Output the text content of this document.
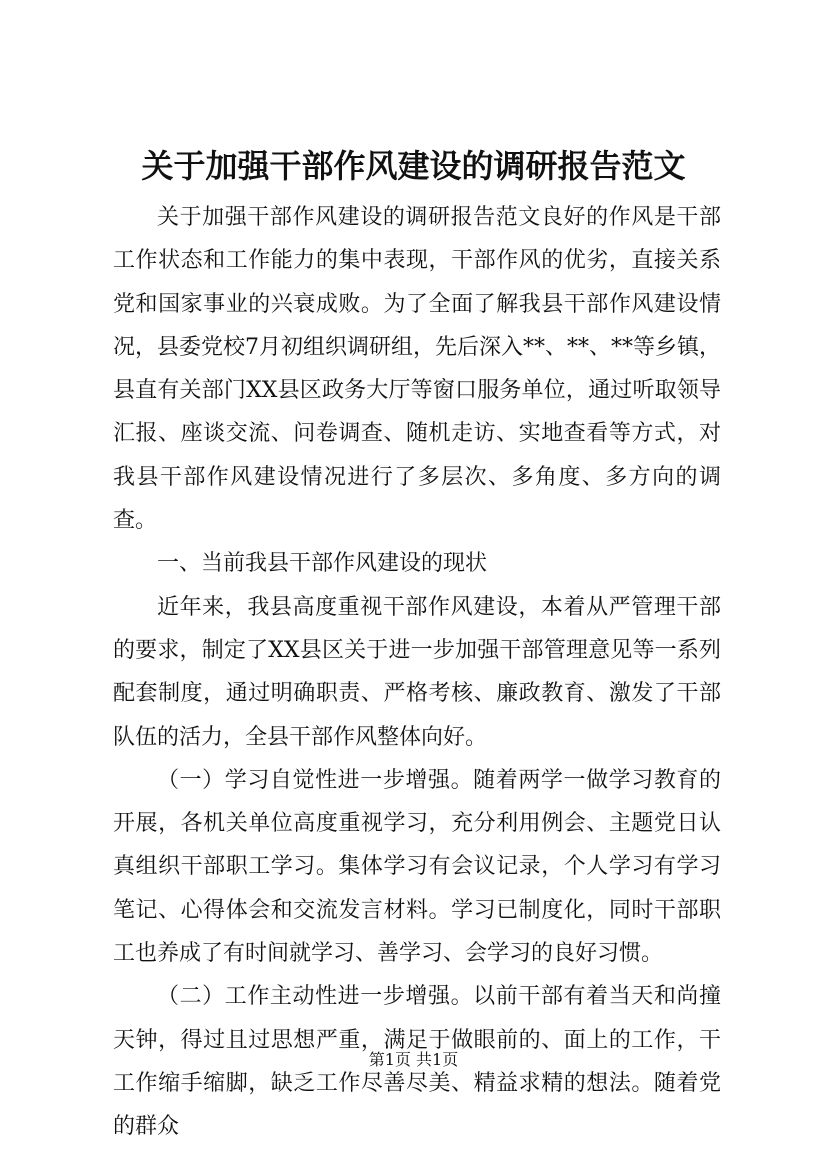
关于加强干部作风建设的调研报告范文

关于加强干部作风建设的调研报告范文良好的作风是干部工作状态和工作能力的集中表现，干部作风的优劣，直接关系党和国家事业的兴衰成败。为了全面了解我县干部作风建设情况，县委党校7月初组织调研组，先后深入**、**、**等乡镇，县直有关部门XX县区政务大厅等窗口服务单位，通过听取领导汇报、座谈交流、问卷调查、随机走访、实地查看等方式，对我县干部作风建设情况进行了多层次、多角度、多方向的调查。

一、当前我县干部作风建设的现状

近年来，我县高度重视干部作风建设，本着从严管理干部的要求，制定了XX县区关于进一步加强干部管理意见等一系列配套制度，通过明确职责、严格考核、廉政教育、激发了干部队伍的活力，全县干部作风整体向好。

（一）学习自觉性进一步增强。随着两学一做学习教育的开展，各机关单位高度重视学习，充分利用例会、主题党日认真组织干部职工学习。集体学习有会议记录，个人学习有学习笔记、心得体会和交流发言材料。学习已制度化，同时干部职工也养成了有时间就学习、善学习、会学习的良好习惯。

（二）工作主动性进一步增强。以前干部有着当天和尚撞天钟，得过且过思想严重，满足于做眼前的、面上的工作，干工作缩手缩脚，缺乏工作尽善尽美、精益求精的想法。随着党的群众

第1页 共1页
